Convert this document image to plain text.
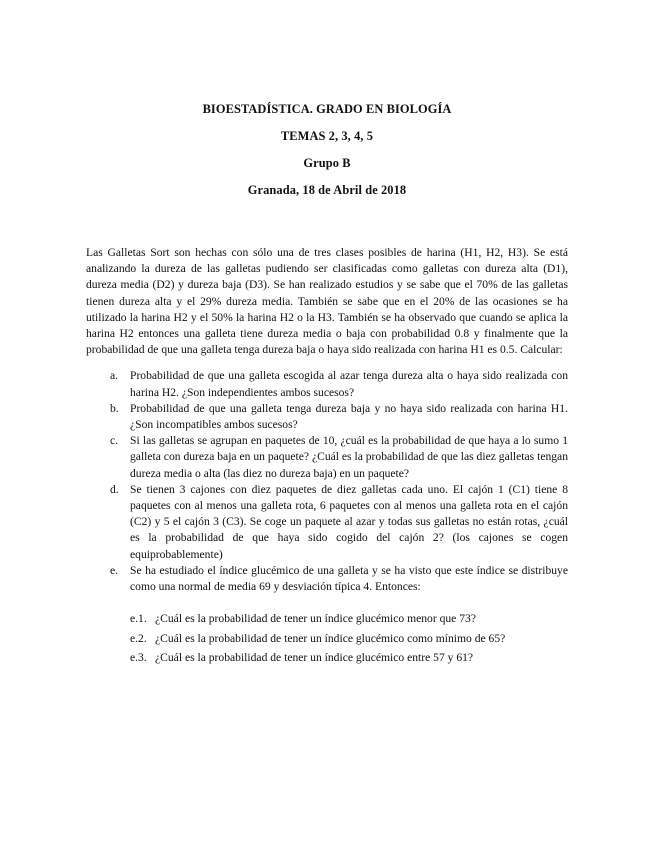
BIOESTADÍSTICA. GRADO EN BIOLOGÍA
TEMAS 2, 3, 4, 5
Grupo B
Granada, 18 de Abril de 2018
Las Galletas Sort son hechas con sólo una de tres clases posibles de harina (H1, H2, H3). Se está analizando la dureza de las galletas pudiendo ser clasificadas como galletas con dureza alta (D1), dureza media (D2) y dureza baja (D3). Se han realizado estudios y se sabe que el 70% de las galletas tienen dureza alta y el 29% dureza media. También se sabe que en el 20% de las ocasiones se ha utilizado la harina H2 y el 50% la harina H2 o la H3. También se ha observado que cuando se aplica la harina H2 entonces una galleta tiene dureza media o baja con probabilidad 0.8 y finalmente que la probabilidad de que una galleta tenga dureza baja o haya sido realizada con harina H1 es 0.5. Calcular:
a.	Probabilidad de que una galleta escogida al azar tenga dureza alta o haya sido realizada con harina H2. ¿Son independientes ambos sucesos?
b. Probabilidad de que una galleta tenga dureza baja y no haya sido realizada con harina H1. ¿Son incompatibles ambos sucesos?
c.	Si las galletas se agrupan en paquetes de 10, ¿cuál es la probabilidad de que haya a lo sumo 1 galleta con dureza baja en un paquete? ¿Cuál es la probabilidad de que las diez galletas tengan dureza media o alta (las diez no dureza baja) en un paquete?
d. Se tienen 3 cajones con diez paquetes de diez galletas cada uno. El cajón 1 (C1) tiene 8 paquetes con al menos una galleta rota, 6 paquetes con al menos una galleta rota en el cajón (C2) y 5 el cajón 3 (C3). Se coge un paquete al azar y todas sus galletas no están rotas, ¿cuál es la probabilidad de que haya sido cogido del cajón 2? (los cajones se cogen equiprobablemente)
e.	Se ha estudiado el índice glucémico de una galleta y se ha visto que este índice se distribuye como una normal de media 69 y desviación típica 4. Entonces:
e.1. ¿Cuál es la probabilidad de tener un índice glucémico menor que 73?
e.2. ¿Cuál es la probabilidad de tener un índice glucémico como mínimo de 65?
e.3. ¿Cuál es la probabilidad de tener un índice glucémico entre 57 y 61?
